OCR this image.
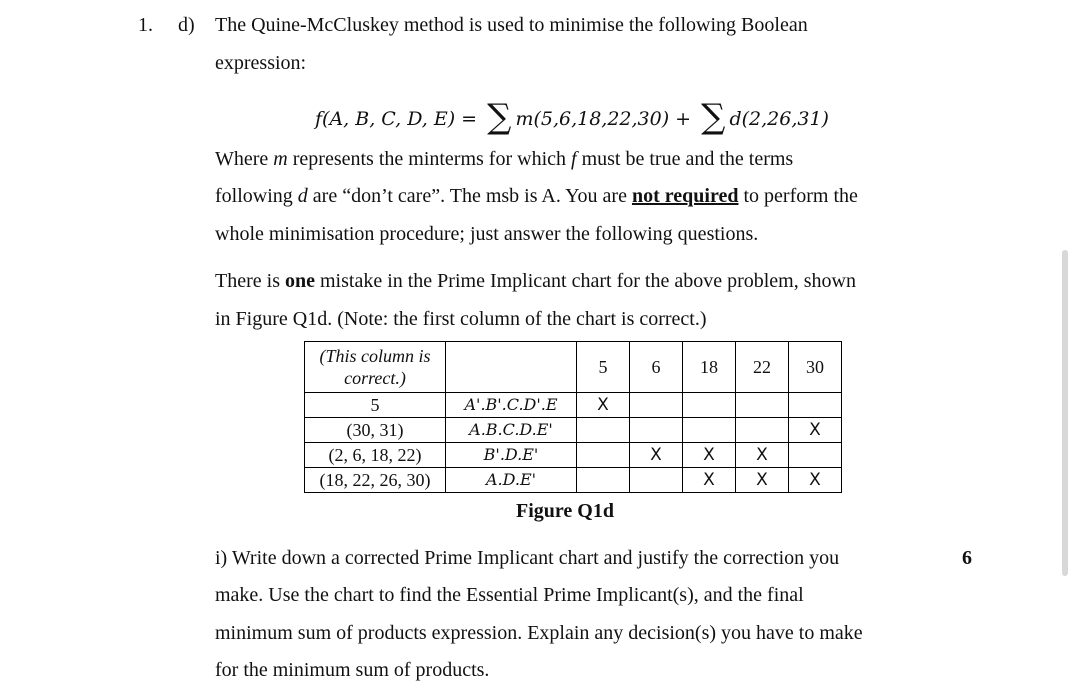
1. d) The Quine-McCluskey method is used to minimise the following Boolean
expression:
f(A, B, C, D, E) = ∑ m(5,6,18,22,30) + ∑ d(2,26,31)
Where m represents the minterms for which f must be true and the terms
following d are “don’t care”. The msb is A. You are not required to perform the
whole minimisation procedure; just answer the following questions.
There is one mistake in the Prime Implicant chart for the above problem, shown
in Figure Q1d. (Note: the first column of the chart is correct.)
(This column is
correct.)		5	6	18	22	30
5	A'.B'.C.D'.E	X				
(30, 31)	A.B.C.D.E'					X
(2, 6, 18, 22)	B'.D.E'		X	X	X	
(18, 22, 26, 30)	A.D.E'			X	X	X
Figure Q1d
i) Write down a corrected Prime Implicant chart and justify the correction you
make. Use the chart to find the Essential Prime Implicant(s), and the final
minimum sum of products expression. Explain any decision(s) you have to make
for the minimum sum of products.
6
